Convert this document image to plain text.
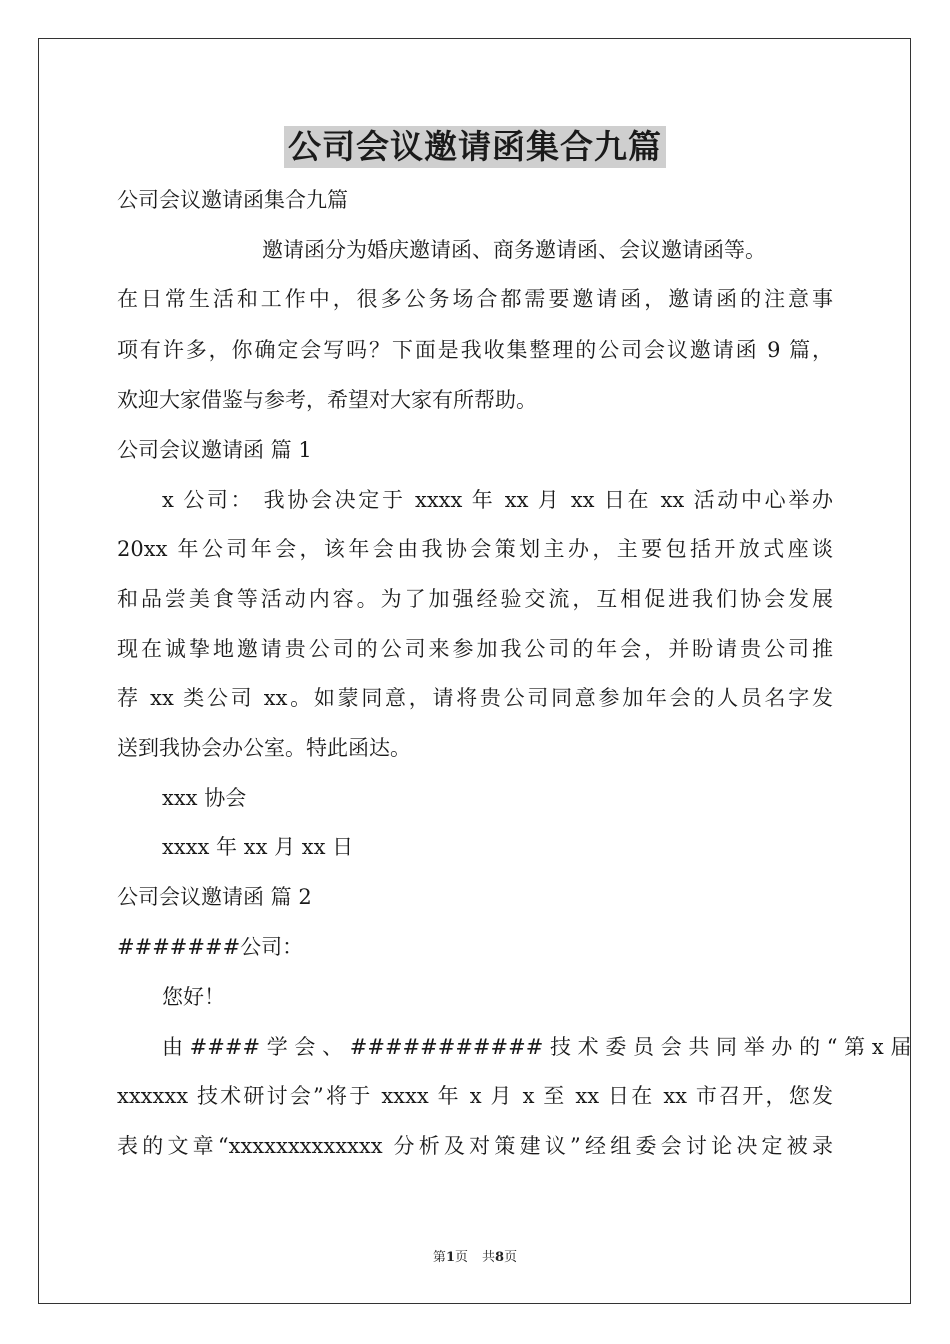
公司会议邀请函集合九篇
公司会议邀请函集合九篇
邀请函分为婚庆邀请函、商务邀请函、会议邀请函等。
在日常生活和工作中，很多公务场合都需要邀请函，邀请函的注意事
项有许多，你确定会写吗？下面是我收集整理的公司会议邀请函 9 篇，
欢迎大家借鉴与参考，希望对大家有所帮助。
公司会议邀请函 篇 1
x 公司： 我协会决定于 xxxx 年 xx 月 xx 日在 xx 活动中心举办
20xx 年公司年会，该年会由我协会策划主办，主要包括开放式座谈
和品尝美食等活动内容。为了加强经验交流，互相促进我们协会发展
现在诚挚地邀请贵公司的公司来参加我公司的年会，并盼请贵公司推
荐 xx 类公司 xx。如蒙同意，请将贵公司同意参加年会的人员名字发
送到我协会办公室。特此函达。
xxx 协会
xxxx 年 xx 月 xx 日
公司会议邀请函 篇 2
#######公司：
您好！
由 #### 学 会 、 ########### 技 术 委 员 会 共 同 举 办 的 “ 第 x 届
xxxxxx 技术研讨会”将于 xxxx 年 x 月 x 至 xx 日在 xx 市召开，您发
表的文章“xxxxxxxxxxxxx 分析及对策建议”经组委会讨论决定被录
第1页 共8页
